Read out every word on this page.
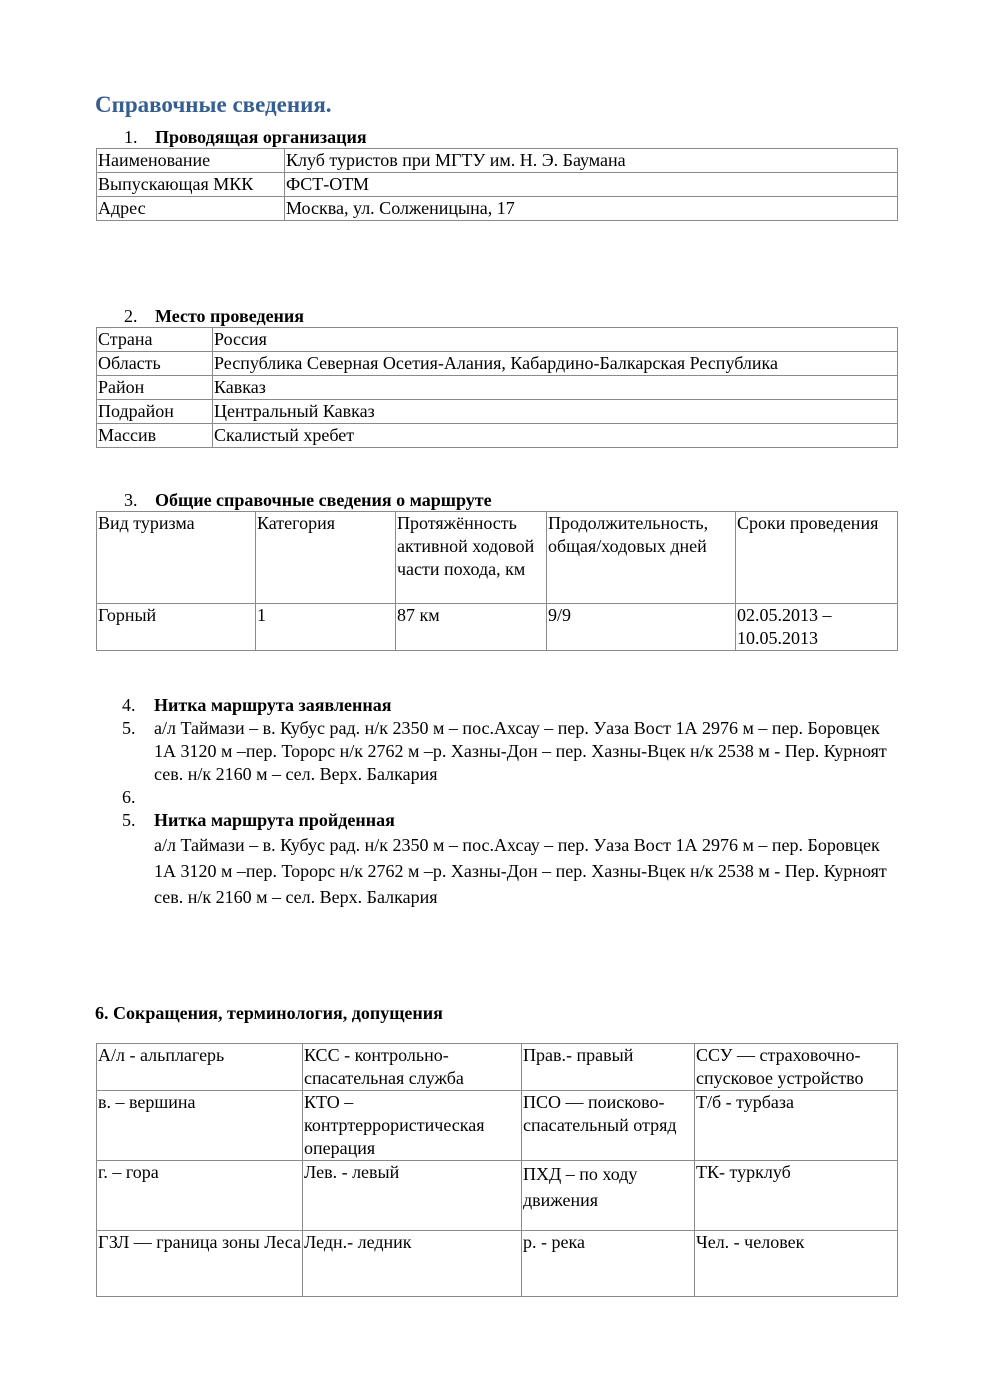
Справочные сведения.
1. Проводящая организация
Наименование	Клуб туристов при МГТУ им. Н. Э. Баумана
Выпускающая МКК	ФСТ-ОТМ
Адрес	Москва, ул. Солженицына, 17
2. Место проведения
Страна	Россия
Область	Республика Северная Осетия-Алания, Кабардино-Балкарская Республика
Район	Кавказ
Подрайон	Центральный Кавказ
Массив	Скалистый хребет
3. Общие справочные сведения о маршруте
Вид туризма	Категория	Протяжённость активной ходовой части похода, км	Продолжительность, общая/ходовых дней	Сроки проведения
Горный	1	87 км	9/9	02.05.2013 – 10.05.2013
4. Нитка маршрута заявленная
5. а/л Таймази – в. Кубус рад. н/к 2350 м – пос.Ахсау – пер. Уаза Вост 1А 2976 м – пер. Боровцек 1А 3120 м –пер. Торорс н/к 2762 м –р. Хазны-Дон – пер. Хазны-Вцек н/к 2538 м - Пер. Курноят сев. н/к 2160 м – сел. Верх. Балкария
6.
5. Нитка маршрута пройденная
а/л Таймази – в. Кубус рад. н/к 2350 м – пос.Ахсау – пер. Уаза Вост 1А 2976 м – пер. Боровцек 1А 3120 м –пер. Торорс н/к 2762 м –р. Хазны-Дон – пер. Хазны-Вцек н/к 2538 м - Пер. Курноят сев. н/к 2160 м – сел. Верх. Балкария
6. Сокращения, терминология, допущения
А/л - альплагерь	КСС - контрольно-спасательная служба	Прав.- правый	ССУ — страховочно-спусковое устройство
в. – вершина	КТО – контртеррористическая операция	ПСО — поисково-спасательный отряд	Т/б - турбаза
г. – гора	Лев. - левый	ПХД – по ходу движения	ТК- турклуб
ГЗЛ — граница зоны Леса	Ледн.- ледник	р. - река	Чел. - человек
